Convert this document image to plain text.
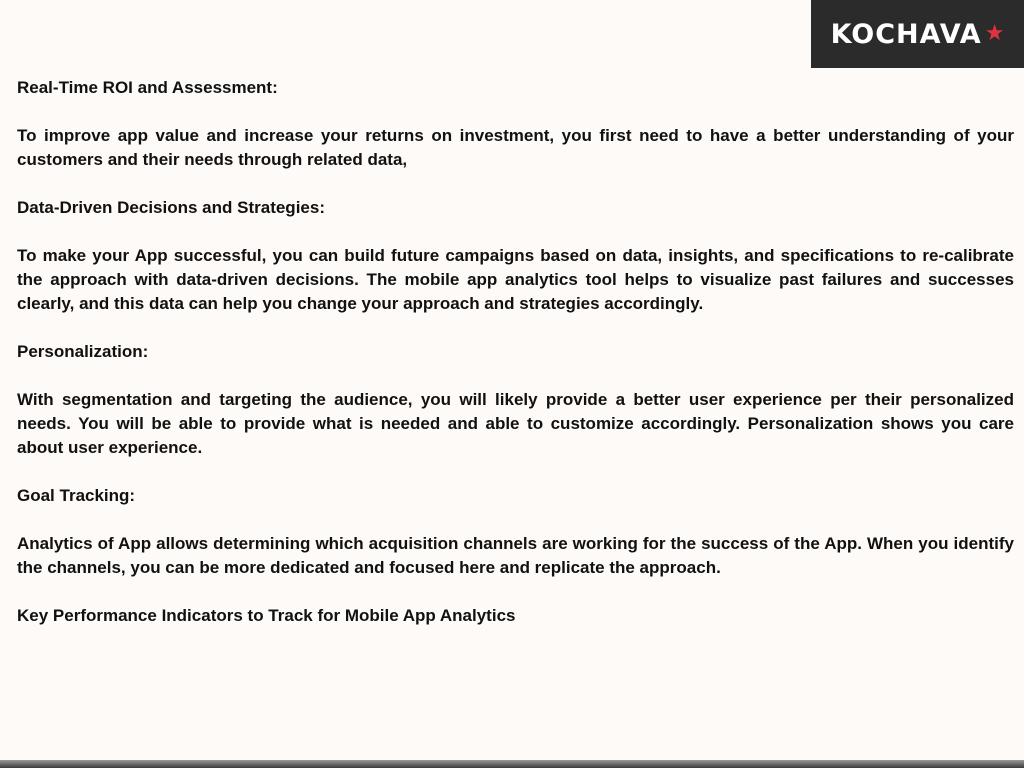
KOCHAVA ★

Real-Time ROI and Assessment:

To improve app value and increase your returns on investment, you first need to have a better understanding of your customers and their needs through related data,

Data-Driven Decisions and Strategies:

To make your App successful, you can build future campaigns based on data, insights, and specifications to re-calibrate the approach with data-driven decisions. The mobile app analytics tool helps to visualize past failures and successes clearly, and this data can help you change your approach and strategies accordingly.

Personalization:

With segmentation and targeting the audience, you will likely provide a better user experience per their personalized needs. You will be able to provide what is needed and able to customize accordingly. Personalization shows you care about user experience.

Goal Tracking:

Analytics of App allows determining which acquisition channels are working for the success of the App. When you identify the channels, you can be more dedicated and focused here and replicate the approach.

Key Performance Indicators to Track for Mobile App Analytics
